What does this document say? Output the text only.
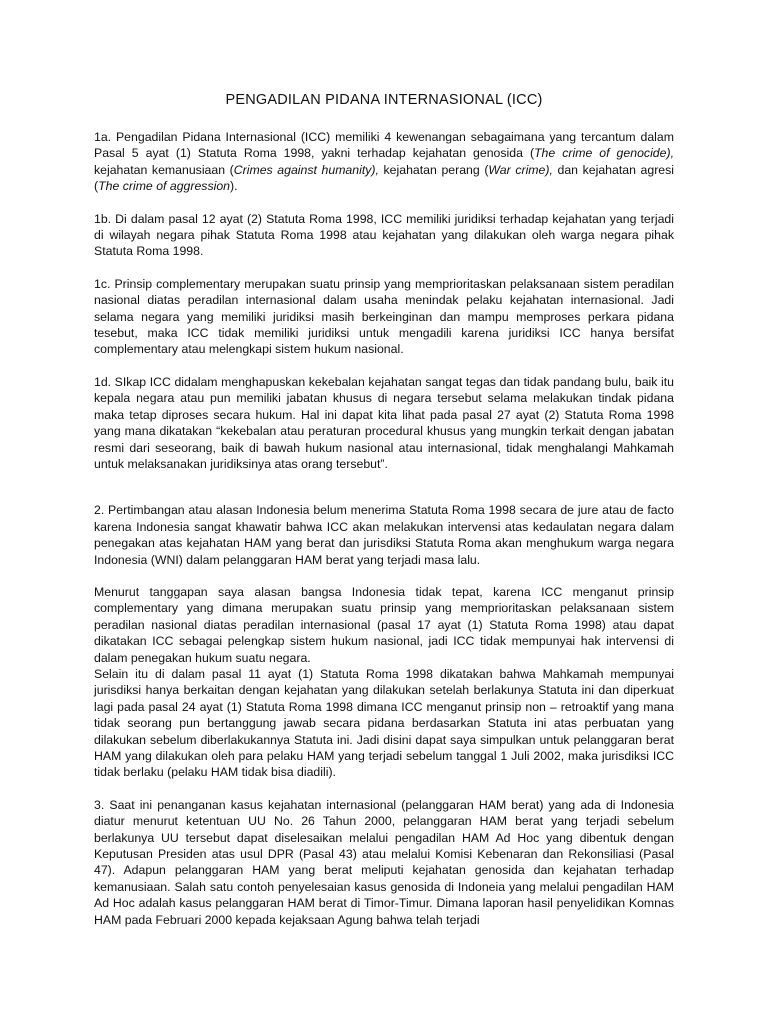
PENGADILAN PIDANA INTERNASIONAL (ICC)

1a. Pengadilan Pidana Internasional (ICC) memiliki 4 kewenangan sebagaimana yang tercantum dalam Pasal 5 ayat (1) Statuta Roma 1998, yakni terhadap kejahatan genosida (The crime of genocide), kejahatan kemanusiaan (Crimes against humanity), kejahatan perang (War crime), dan kejahatan agresi (The crime of aggression).

1b. Di dalam pasal 12 ayat (2) Statuta Roma 1998, ICC memiliki juridiksi terhadap kejahatan yang terjadi di wilayah negara pihak Statuta Roma 1998 atau kejahatan yang dilakukan oleh warga negara pihak Statuta Roma 1998.

1c. Prinsip complementary merupakan suatu prinsip yang memprioritaskan pelaksanaan sistem peradilan nasional diatas peradilan internasional dalam usaha menindak pelaku kejahatan internasional. Jadi selama negara yang memiliki juridiksi masih berkeinginan dan mampu memproses perkara pidana tesebut, maka ICC tidak memiliki juridiksi untuk mengadili karena juridiksi ICC hanya bersifat complementary atau melengkapi sistem hukum nasional.

1d. SIkap ICC didalam menghapuskan kekebalan kejahatan sangat tegas dan tidak pandang bulu, baik itu kepala negara atau pun memiliki jabatan khusus di negara tersebut selama melakukan tindak pidana maka tetap diproses secara hukum. Hal ini dapat kita lihat pada pasal 27 ayat (2) Statuta Roma 1998 yang mana dikatakan “kekebalan atau peraturan procedural khusus yang mungkin terkait dengan jabatan resmi dari seseorang, baik di bawah hukum nasional atau internasional, tidak menghalangi Mahkamah untuk melaksanakan juridiksinya atas orang tersebut”.

2. Pertimbangan atau alasan Indonesia belum menerima Statuta Roma 1998 secara de jure atau de facto karena Indonesia sangat khawatir bahwa ICC akan melakukan intervensi atas kedaulatan negara dalam penegakan atas kejahatan HAM yang berat dan jurisdiksi Statuta Roma akan menghukum warga negara Indonesia (WNI) dalam pelanggaran HAM berat yang terjadi masa lalu.

Menurut tanggapan saya alasan bangsa Indonesia tidak tepat, karena ICC menganut prinsip complementary yang dimana merupakan suatu prinsip yang memprioritaskan pelaksanaan sistem peradilan nasional diatas peradilan internasional (pasal 17 ayat (1) Statuta Roma 1998) atau dapat dikatakan ICC sebagai pelengkap sistem hukum nasional, jadi ICC tidak mempunyai hak intervensi di dalam penegakan hukum suatu negara.

Selain itu di dalam pasal 11 ayat (1) Statuta Roma 1998 dikatakan bahwa Mahkamah mempunyai jurisdiksi hanya berkaitan dengan kejahatan yang dilakukan setelah berlakunya Statuta ini dan diperkuat lagi pada pasal 24 ayat (1) Statuta Roma 1998 dimana ICC menganut prinsip non – retroaktif yang mana tidak seorang pun bertanggung jawab secara pidana berdasarkan Statuta ini atas perbuatan yang dilakukan sebelum diberlakukannya Statuta ini. Jadi disini dapat saya simpulkan untuk pelanggaran berat HAM yang dilakukan oleh para pelaku HAM yang terjadi sebelum tanggal 1 Juli 2002, maka jurisdiksi ICC tidak berlaku (pelaku HAM tidak bisa diadili).

3. Saat ini penanganan kasus kejahatan internasional (pelanggaran HAM berat) yang ada di Indonesia diatur menurut ketentuan UU No. 26 Tahun 2000, pelanggaran HAM berat yang terjadi sebelum berlakunya UU tersebut dapat diselesaikan melalui pengadilan HAM Ad Hoc yang dibentuk dengan Keputusan Presiden atas usul DPR (Pasal 43) atau melalui Komisi Kebenaran dan Rekonsiliasi (Pasal 47). Adapun pelanggaran HAM yang berat meliputi kejahatan genosida dan kejahatan terhadap kemanusiaan. Salah satu contoh penyelesaian kasus genosida di Indoneia yang melalui pengadilan HAM Ad Hoc adalah kasus pelanggaran HAM berat di Timor-Timur. Dimana laporan hasil penyelidikan Komnas HAM pada Februari 2000 kepada kejaksaan Agung bahwa telah terjadi
